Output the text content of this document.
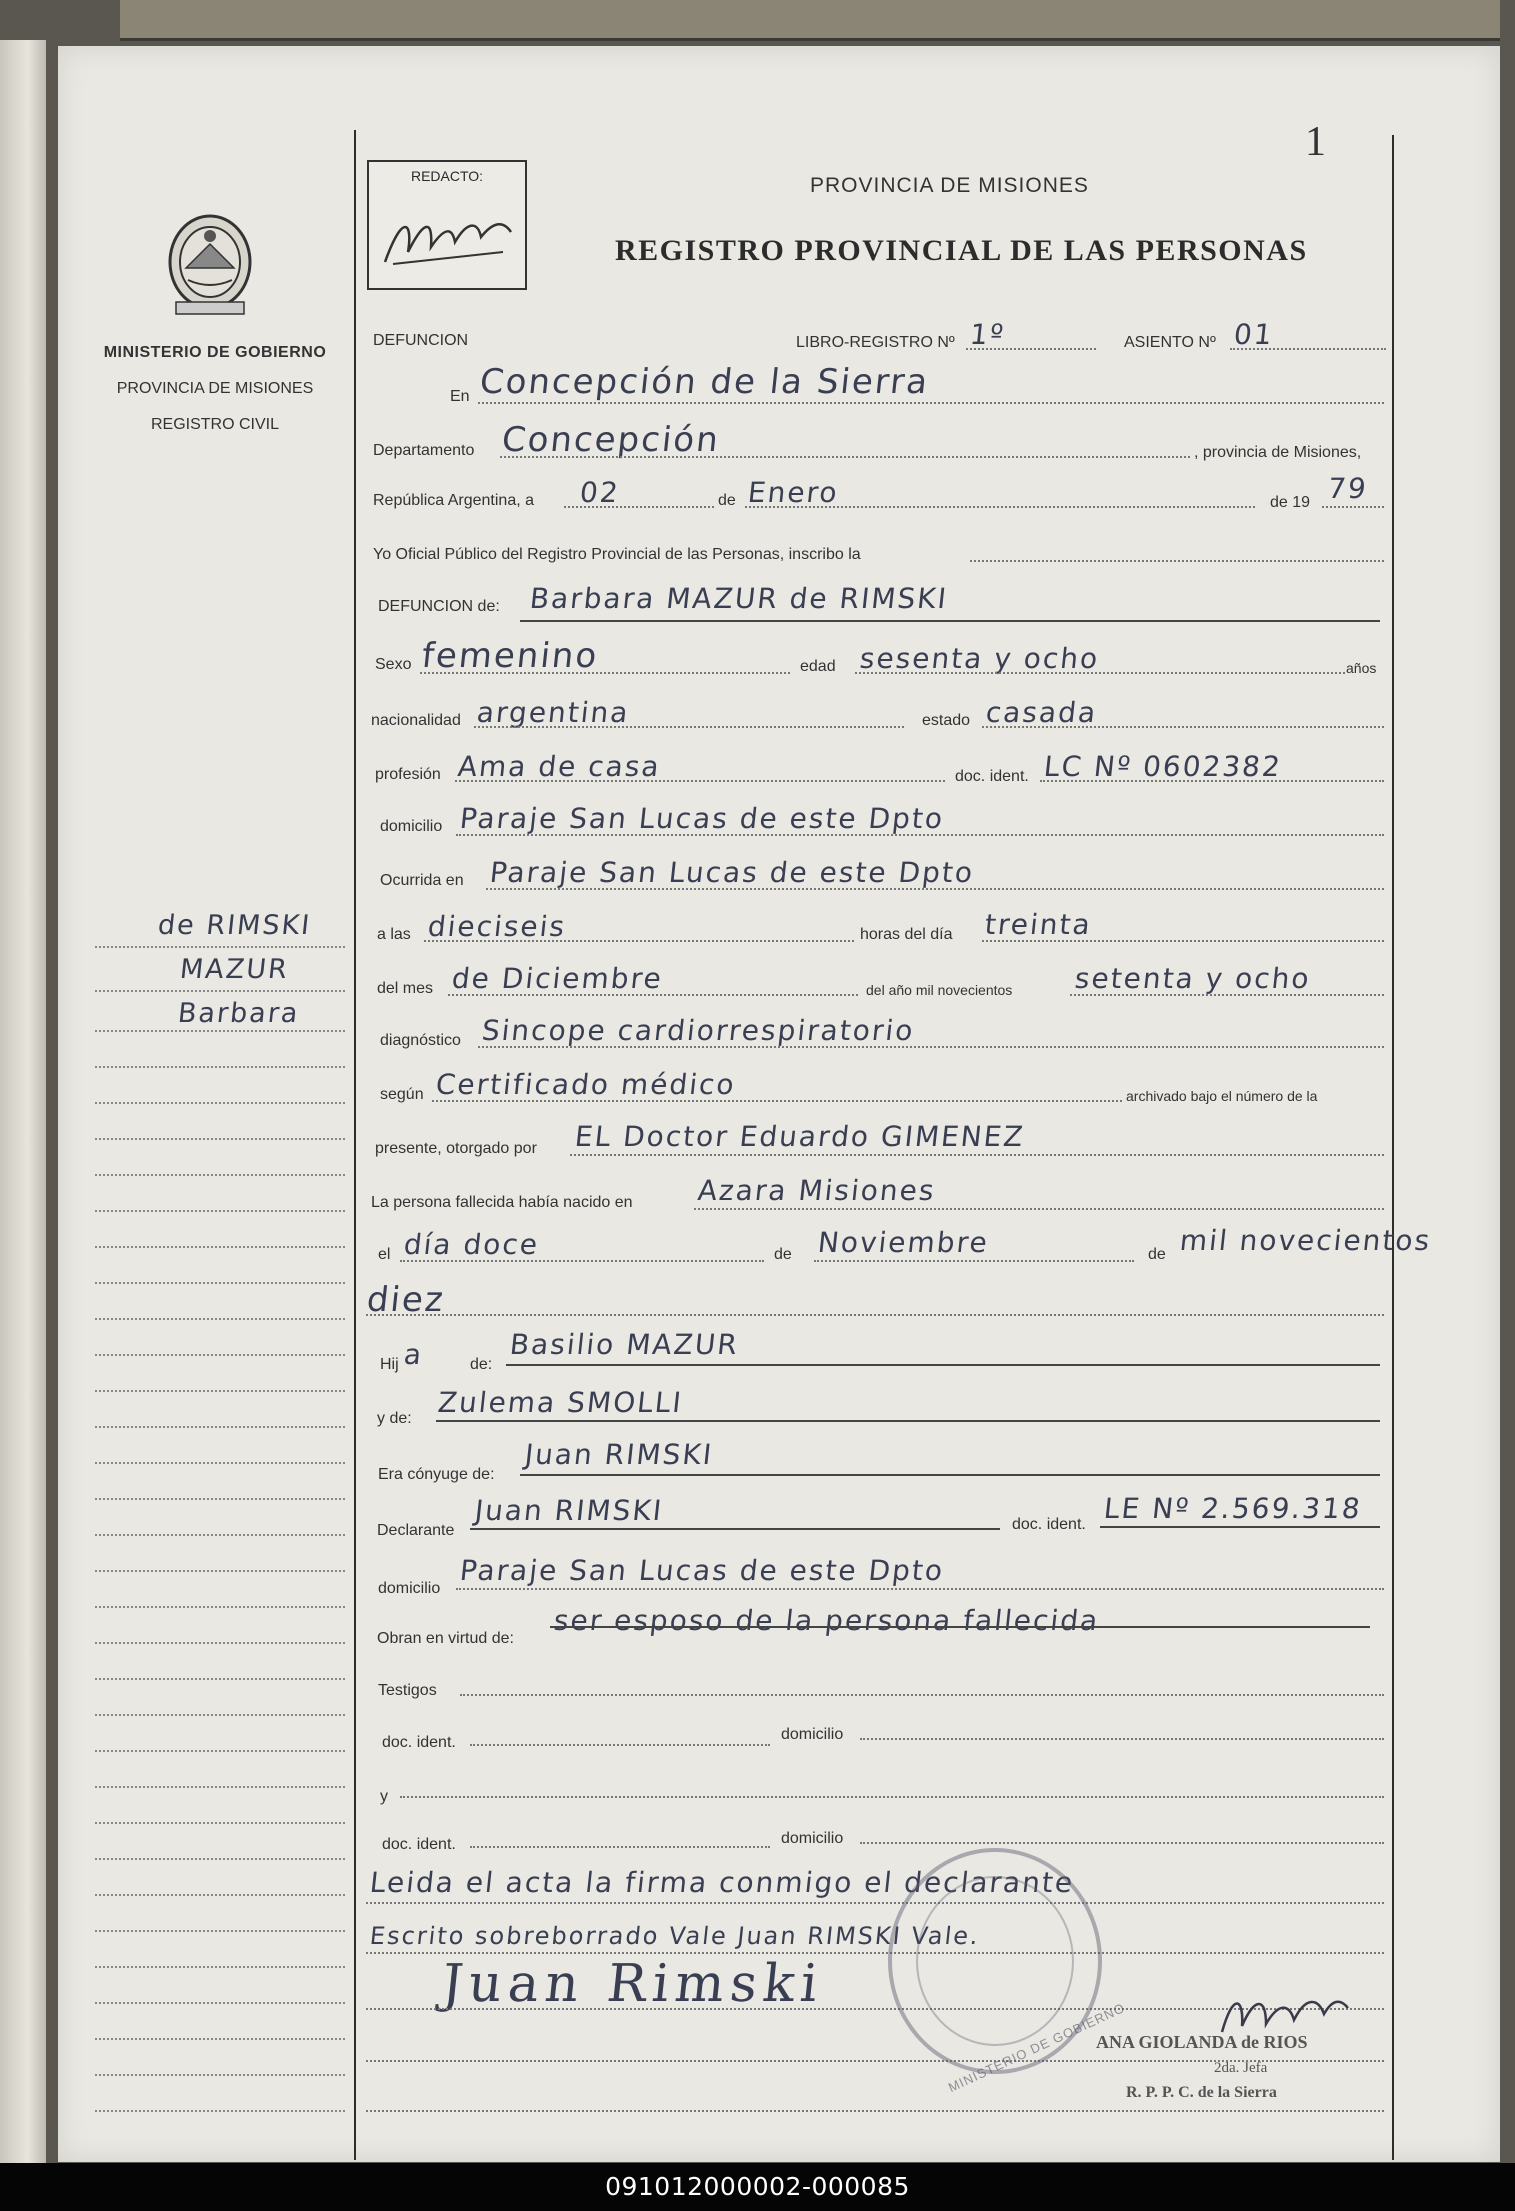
1
REDACTO:	PROVINCIA DE MISIONES
REGISTRO PROVINCIAL DE LAS PERSONAS
MINISTERIO DE GOBIERNO
PROVINCIA DE MISIONES
REGISTRO CIVIL
de RIMSKI
MAZUR
Barbara
DEFUNCION	LIBRO-REGISTRO Nº 1º	ASIENTO Nº 01
En Concepción de la Sierra
Departamento Concepción	, provincia de Misiones,
República Argentina, a 02	de Enero	de 19 79
Yo Oficial Público del Registro Provincial de las Personas, inscribo la
DEFUNCION de: Barbara MAZUR de RIMSKI
Sexo femenino	edad sesenta y ocho	años
nacionalidad argentina	estado casada
profesión Ama de casa	doc. ident. LC Nº 0602382
domicilio Paraje San Lucas de este Dpto
Ocurrida en Paraje San Lucas de este Dpto
a las dieciseis	horas del día treinta
del mes de Diciembre	del año mil novecientos setenta y ocho
diagnóstico Sincope cardiorrespiratorio
según Certificado médico	archivado bajo el número de la
presente, otorgado por EL Doctor Eduardo GIMENEZ
La persona fallecida había nacido en Azara Misiones
el día doce	de Noviembre	de mil novecientos
diez
Hij a	de:
Basilio MAZUR
y de: Zulema SMOLLI
Era cónyuge de:
Juan RIMSKI
Declarante
Juan RIMSKI	doc. ident. LE Nº 2.569.318
domicilio
Paraje San Lucas de este Dpto
Obran en virtud de:
ser esposo de la persona fallecida
Testigos
doc. ident.	domicilio
y
doc. ident.	domicilio
Leida el acta la firma conmigo el declarante
Escrito sobreborrado Vale Juan RIMSKI Vale.
Juan Rimski
MINISTERIO DE GOBIERNO
ANA GIOLANDA de RIOS
2da. Jefa
R. P. P. C. de la Sierra
091012000002-000085
